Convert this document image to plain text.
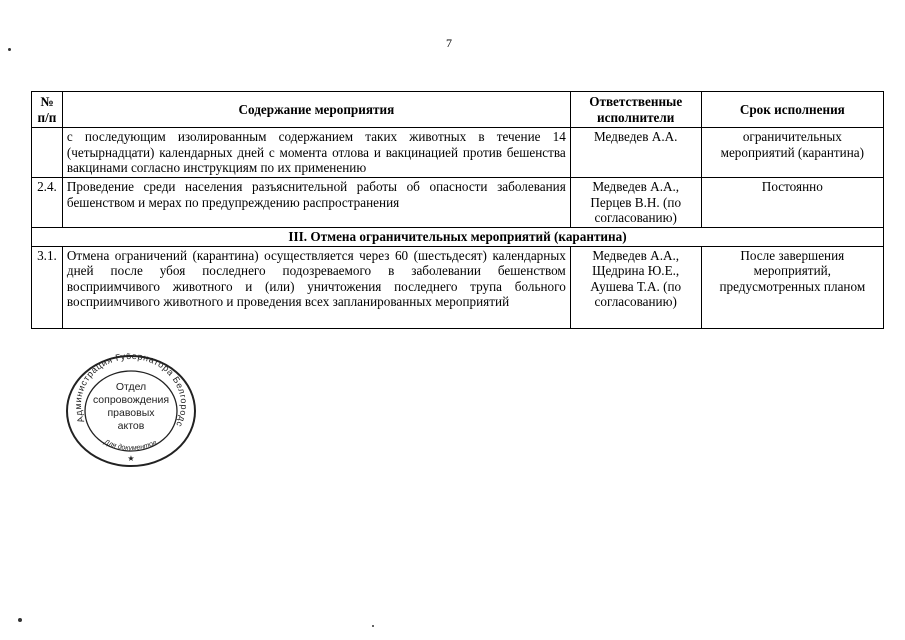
7
№ п/п	Содержание мероприятия	Ответственные исполнители	Срок исполнения
	с последующим изолированным содержанием таких животных в течение 14 (четырнадцати) календарных дней с момента отлова и вакцинацией против бешенства вакцинами согласно инструкциям по их применению	Медведев А.А.	ограничительных мероприятий (карантина)
2.4.	Проведение среди населения разъяснительной работы об опасности заболевания бешенством и мерах по предупреждению распространения	Медведев А.А., Перцев В.Н. (по согласованию)	Постоянно
III. Отмена ограничительных мероприятий (карантина)			
3.1.	Отмена ограничений (карантина) осуществляется через 60 (шестьдесят) календарных дней после убоя последнего подозреваемого в заболевании бешенством восприимчивого животного и (или) уничтожения последнего трупа больного восприимчивого животного и проведения всех запланированных мероприятий	Медведев А.А., Щедрина Ю.Е., Аушева Т.А. (по согласованию)	После завершения мероприятий, предусмотренных планом
Администрация Губернатора Белгородс
Для документов
★
Отдел
сопровождения
правовых
актов
